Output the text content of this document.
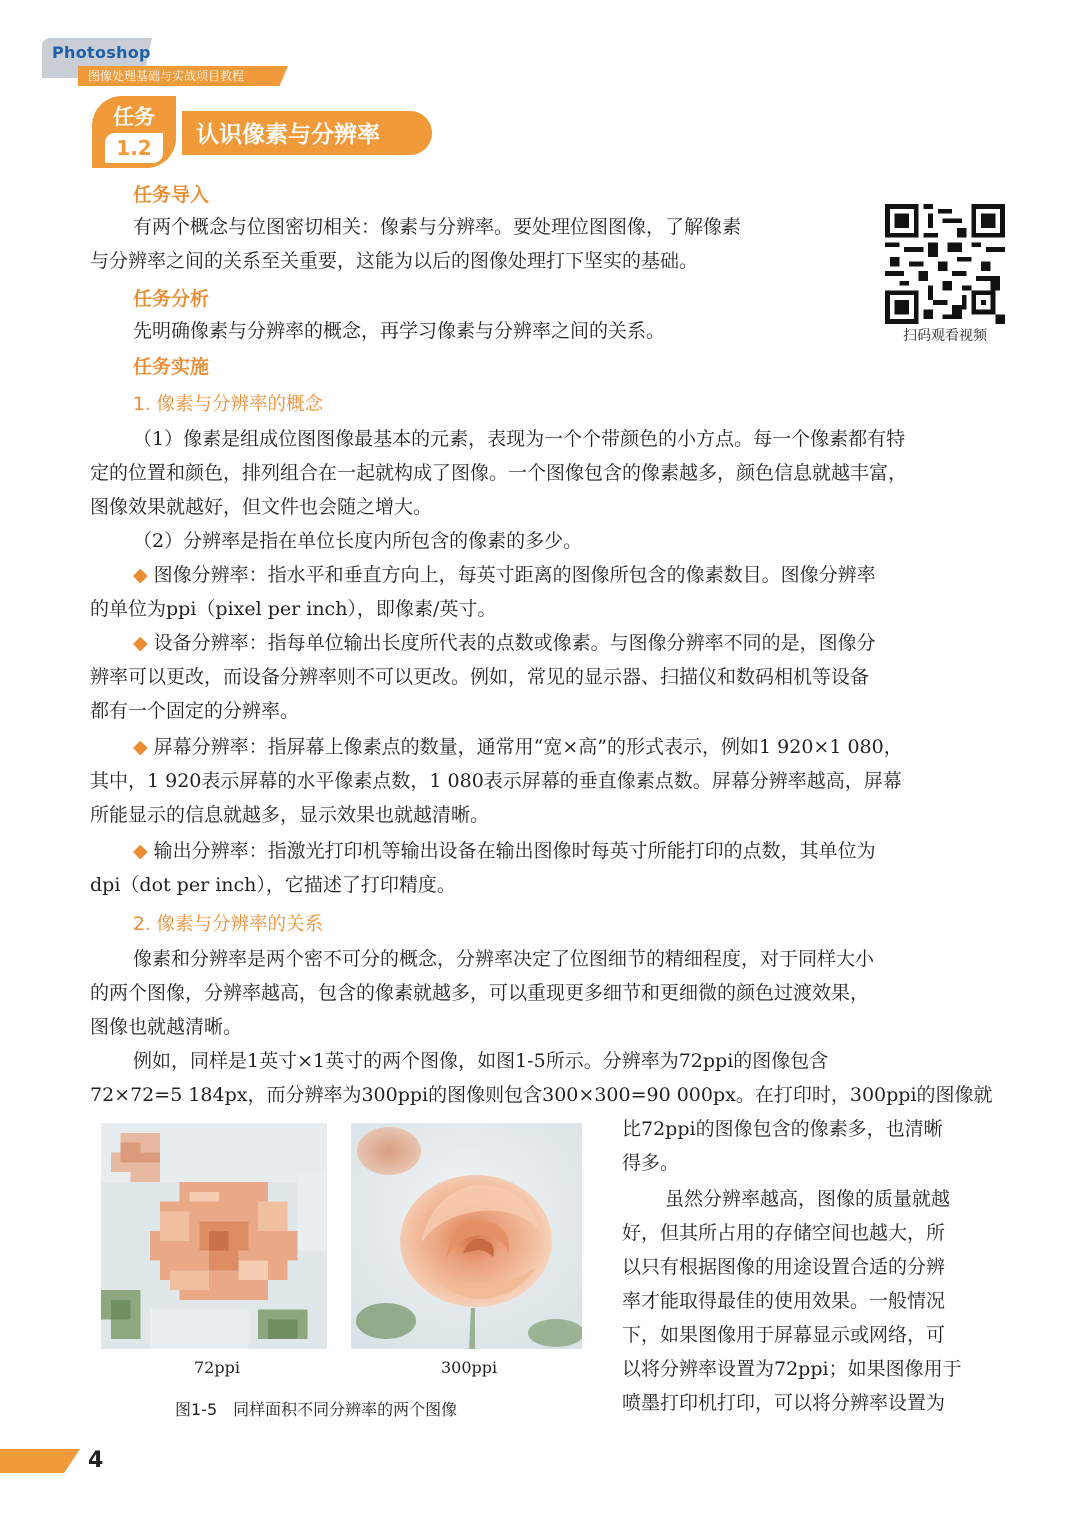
Photoshop
图像处理基础与实战项目教程
任务
1.2	认识像素与分辨率
任务导入
有两个概念与位图密切相关：像素与分辨率。要处理位图图像，了解像素
与分辨率之间的关系至关重要，这能为以后的图像处理打下坚实的基础。
扫码观看视频
任务分析
先明确像素与分辨率的概念，再学习像素与分辨率之间的关系。
任务实施
1. 像素与分辨率的概念
（1）像素是组成位图图像最基本的元素，表现为一个个带颜色的小方点。每一个像素都有特
定的位置和颜色，排列组合在一起就构成了图像。一个图像包含的像素越多，颜色信息就越丰富，
图像效果就越好，但文件也会随之增大。
（2）分辨率是指在单位长度内所包含的像素的多少。
◆ 图像分辨率：指水平和垂直方向上，每英寸距离的图像所包含的像素数目。图像分辨率
的单位为ppi（pixel per inch），即像素/英寸。
◆ 设备分辨率：指每单位输出长度所代表的点数或像素。与图像分辨率不同的是，图像分
辨率可以更改，而设备分辨率则不可以更改。例如，常见的显示器、扫描仪和数码相机等设备
都有一个固定的分辨率。
◆ 屏幕分辨率：指屏幕上像素点的数量，通常用“宽×高”的形式表示，例如1 920×1 080，
其中，1 920表示屏幕的水平像素点数，1 080表示屏幕的垂直像素点数。屏幕分辨率越高，屏幕
所能显示的信息就越多，显示效果也就越清晰。
◆ 输出分辨率：指激光打印机等输出设备在输出图像时每英寸所能打印的点数，其单位为
dpi（dot per inch），它描述了打印精度。
2. 像素与分辨率的关系
像素和分辨率是两个密不可分的概念，分辨率决定了位图细节的精细程度，对于同样大小
的两个图像，分辨率越高，包含的像素就越多，可以重现更多细节和更细微的颜色过渡效果，
图像也就越清晰。
例如，同样是1英寸×1英寸的两个图像，如图1-5所示。分辨率为72ppi的图像包含
72×72=5 184px，而分辨率为300ppi的图像则包含300×300=90 000px。在打印时，300ppi的图像就
比72ppi的图像包含的像素多，也清晰
得多。
虽然分辨率越高，图像的质量就越
好，但其所占用的存储空间也越大，所
以只有根据图像的用途设置合适的分辨
率才能取得最佳的使用效果。一般情况
下，如果图像用于屏幕显示或网络，可
以将分辨率设置为72ppi；如果图像用于
喷墨打印机打印，可以将分辨率设置为
72ppi	300ppi
图1-5　同样面积不同分辨率的两个图像
4
